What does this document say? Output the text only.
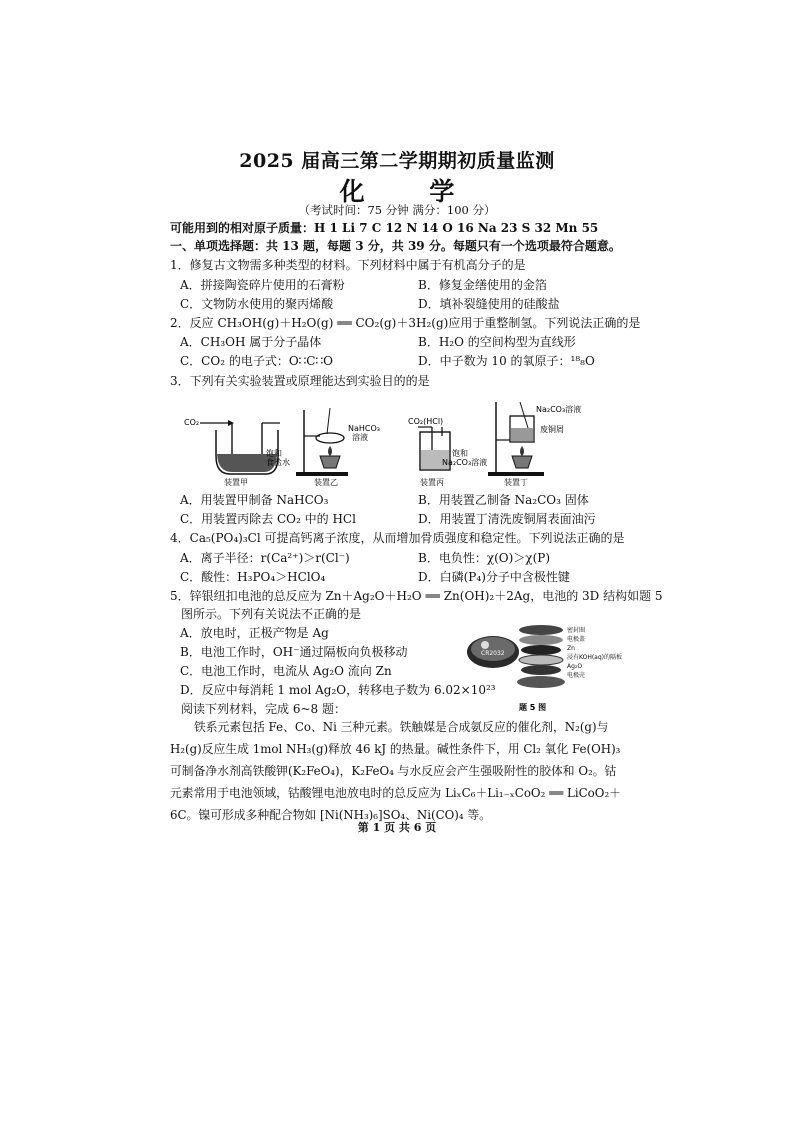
2025 届高三第二学期期初质量监测
化 学
（考试时间：75 分钟 满分：100 分）
可能用到的相对原子质量：H 1 Li 7 C 12 N 14 O 16 Na 23 S 32 Mn 55
一、单项选择题：共 13 题，每题 3 分，共 39 分。每题只有一个选项最符合题意。
1．修复古文物需多种类型的材料。下列材料中属于有机高分子的是
A．拼接陶瓷碎片使用的石膏粉	B．修复金缮使用的金箔
C．文物防水使用的聚丙烯酸	D．填补裂缝使用的硅酸盐
2．反应 CH₃OH(g)＋H₂O(g) ══ CO₂(g)＋3H₂(g)应用于重整制氢。下列说法正确的是
A．CH₃OH 属于分子晶体	B．H₂O 的空间构型为直线形
C．CO₂ 的电子式：O∷C∷O	D．中子数为 10 的氧原子：¹⁸₈O
3．下列有关实验装置或原理能达到实验目的的是
CO₂
饱和
食盐水
装置甲
NaHCO₃
溶液
装置乙
CO₂(HCl)
饱和
Na₂CO₃溶液
装置丙
Na₂CO₃溶液
废铜屑
装置丁
A．用装置甲制备 NaHCO₃	B．用装置乙制备 Na₂CO₃ 固体
C．用装置丙除去 CO₂ 中的 HCl	D．用装置丁清洗废铜屑表面油污
4．Ca₅(PO₄)₃Cl 可提高钙离子浓度，从而增加骨质强度和稳定性。下列说法正确的是
A．离子半径：r(Ca²⁺)＞r(Cl⁻)	B．电负性：χ(O)＞χ(P)
C．酸性：H₃PO₄＞HClO₄	D．白磷(P₄)分子中含极性键
5．锌银纽扣电池的总反应为 Zn＋Ag₂O＋H₂O ══ Zn(OH)₂＋2Ag，电池的 3D 结构如题 5
图所示。下列有关说法不正确的是
A．放电时，正极产物是 Ag
B．电池工作时，OH⁻通过隔板向负极移动
C．电池工作时，电流从 Ag₂O 流向 Zn
D．反应中每消耗 1 mol Ag₂O，转移电子数为 6.02×10²³
CR2032
密封圈
电极盖
Zn
浸有KOH(aq)的隔板
Ag₂O
电极壳
题 5 图
阅读下列材料，完成 6~8 题：
铁系元素包括 Fe、Co、Ni 三种元素。铁触媒是合成氨反应的催化剂，N₂(g)与 H₂(g)反应生成 1mol NH₃(g)释放 46 kJ 的热量。碱性条件下，用 Cl₂ 氧化 Fe(OH)₃ 可制备净水剂高铁酸钾(K₂FeO₄)，K₂FeO₄ 与水反应会产生强吸附性的胶体和 O₂。钴元素常用于电池领域，钴酸锂电池放电时的总反应为 LiₓC₆＋Li₁₋ₓCoO₂ ══ LiCoO₂＋6C。镍可形成多种配合物如 [Ni(NH₃)₆]SO₄、Ni(CO)₄ 等。
第 1 页 共 6 页
